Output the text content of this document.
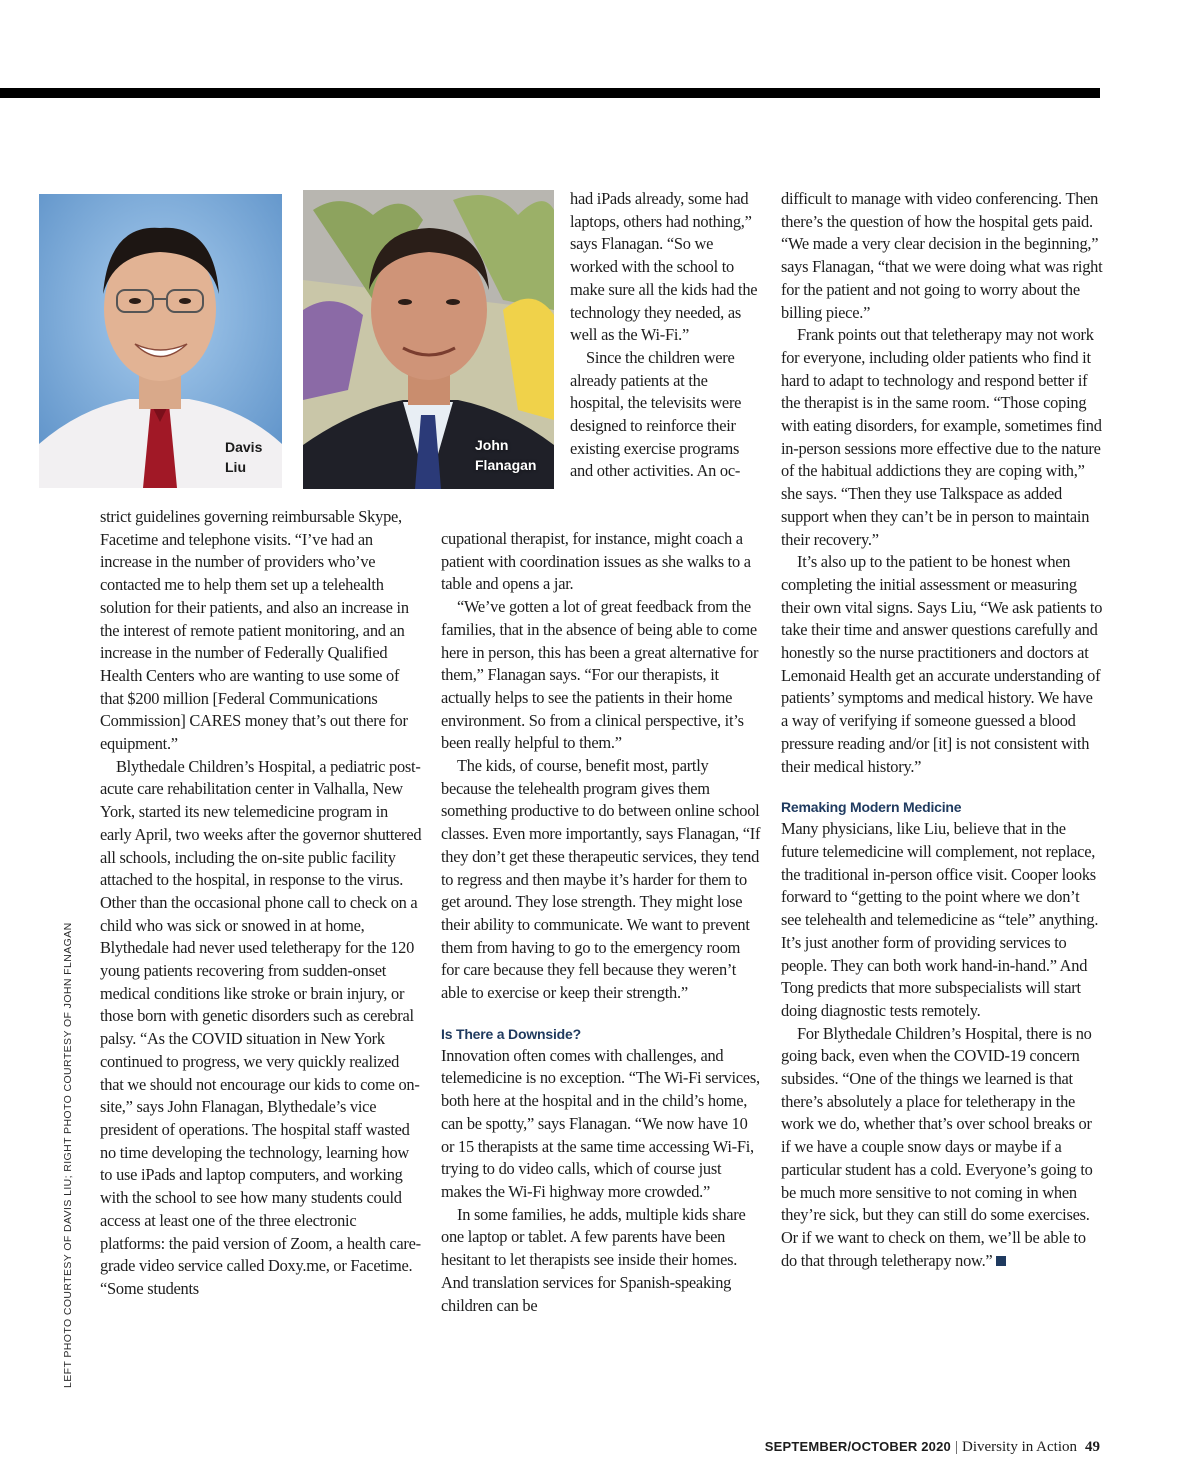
Davis
Liu
John
Flanagan

strict guidelines governing reimbursable Skype, Facetime and telephone visits. “I’ve had an increase in the number of providers who’ve contacted me to help them set up a telehealth solution for their patients, and also an increase in the interest of remote patient monitoring, and an increase in the number of Federally Qualified Health Centers who are wanting to use some of that $200 million [Federal Communications Commission] CARES money that’s out there for equipment.”

Blythedale Children’s Hospital, a pediatric post-acute care rehabilitation center in Valhalla, New York, started its new telemedicine program in early April, two weeks after the governor shuttered all schools, including the on-site public facility attached to the hospital, in response to the virus. Other than the occasional phone call to check on a child who was sick or snowed in at home, Blythedale had never used teletherapy for the 120 young patients recovering from sudden-onset medical conditions like stroke or brain injury, or those born with genetic disorders such as cerebral palsy. “As the COVID situation in New York continued to progress, we very quickly realized that we should not encourage our kids to come on-site,” says John Flanagan, Blythedale’s vice president of operations. The hospital staff wasted no time developing the technology, learning how to use iPads and laptop computers, and working with the school to see how many students could access at least one of the three electronic platforms: the paid version of Zoom, a health care-grade video service called Doxy.me, or Facetime. “Some students

had iPads already, some had laptops, others had nothing,” says Flanagan. “So we worked with the school to make sure all the kids had the technology they needed, as well as the Wi-Fi.”

Since the children were already patients at the hospital, the televisits were designed to reinforce their existing exercise programs and other activities. An oc-

cupational therapist, for instance, might coach a patient with coordination issues as she walks to a table and opens a jar.

“We’ve gotten a lot of great feedback from the families, that in the absence of being able to come here in person, this has been a great alternative for them,” Flanagan says. “For our therapists, it actually helps to see the patients in their home environment. So from a clinical perspective, it’s been really helpful to them.”

The kids, of course, benefit most, partly because the telehealth program gives them something productive to do between online school classes. Even more importantly, says Flanagan, “If they don’t get these therapeutic services, they tend to regress and then maybe it’s harder for them to get around. They lose strength. They might lose their ability to communicate. We want to prevent them from having to go to the emergency room for care because they fell because they weren’t able to exercise or keep their strength.”

Is There a Downside?

Innovation often comes with challenges, and telemedicine is no exception. “The Wi-Fi services, both here at the hospital and in the child’s home, can be spotty,” says Flanagan. “We now have 10 or 15 therapists at the same time accessing Wi-Fi, trying to do video calls, which of course just makes the Wi-Fi highway more crowded.”

In some families, he adds, multiple kids share one laptop or tablet. A few parents have been hesitant to let therapists see inside their homes. And translation services for Spanish-speaking children can be

difficult to manage with video conferencing. Then there’s the question of how the hospital gets paid. “We made a very clear decision in the beginning,” says Flanagan, “that we were doing what was right for the patient and not going to worry about the billing piece.”

Frank points out that teletherapy may not work for everyone, including older patients who find it hard to adapt to technology and respond better if the therapist is in the same room. “Those coping with eating disorders, for example, sometimes find in-person sessions more effective due to the nature of the habitual addictions they are coping with,” she says. “Then they use Talkspace as added support when they can’t be in person to maintain their recovery.”

It’s also up to the patient to be honest when completing the initial assessment or measuring their own vital signs. Says Liu, “We ask patients to take their time and answer questions carefully and honestly so the nurse practitioners and doctors at Lemonaid Health get an accurate understanding of patients’ symptoms and medical history. We have a way of verifying if someone guessed a blood pressure reading and/or [it] is not consistent with their medical history.”

Remaking Modern Medicine

Many physicians, like Liu, believe that in the future telemedicine will complement, not replace, the traditional in-person office visit. Cooper looks forward to “getting to the point where we don’t see telehealth and telemedicine as “tele” anything. It’s just another form of providing services to people. They can both work hand-in-hand.” And Tong predicts that more subspecialists will start doing diagnostic tests remotely.

For Blythedale Children’s Hospital, there is no going back, even when the COVID-19 concern subsides. “One of the things we learned is that there’s absolutely a place for teletherapy in the work we do, whether that’s over school breaks or if we have a couple snow days or maybe if a particular student has a cold. Everyone’s going to be much more sensitive to not coming in when they’re sick, but they can still do some exercises. Or if we want to check on them, we’ll be able to do that through teletherapy now.”

LEFT PHOTO COURTESY OF DAVIS LIU; RIGHT PHOTO COURTESY OF JOHN FLNAGAN
SEPTEMBER/OCTOBER 2020 | Diversity in Action 49
